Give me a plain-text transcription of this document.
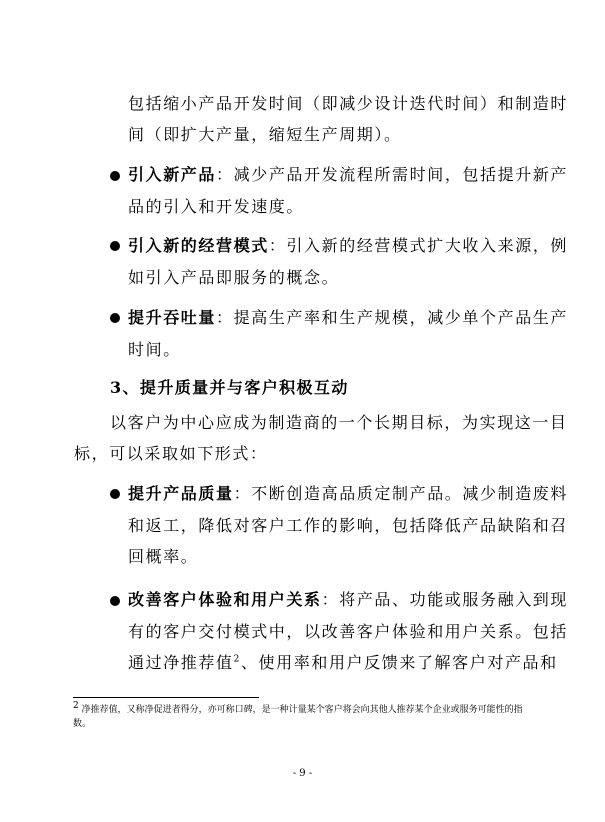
包括缩小产品开发时间（即减少设计迭代时间）和制造时
间（即扩大产量，缩短生产周期）。
引入新产品：减少产品开发流程所需时间，包括提升新产
品的引入和开发速度。
引入新的经营模式：引入新的经营模式扩大收入来源，例
如引入产品即服务的概念。
提升吞吐量：提高生产率和生产规模，减少单个产品生产
时间。
3、提升质量并与客户积极互动
以客户为中心应成为制造商的一个长期目标，为实现这一目
标，可以采取如下形式：
提升产品质量：不断创造高品质定制产品。减少制造废料
和返工，降低对客户工作的影响，包括降低产品缺陷和召
回概率。
改善客户体验和用户关系：将产品、功能或服务融入到现
有的客户交付模式中，以改善客户体验和用户关系。包括
通过净推荐值$^2$、使用率和用户反馈来了解客户对产品和
$^2$ 净推荐值，又称净促进者得分，亦可称口碑，是一种计量某个客户将会向其他人推荐某个企业或服务可能性的指
数。
- 9 -
